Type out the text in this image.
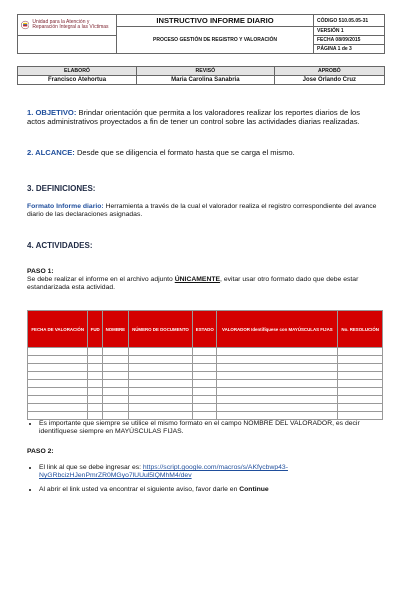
Unidad para la Atención y Reparación Integral a las Víctimas	INSTRUCTIVO INFORME DIARIO	CÓDIGO 510.05.05-31
	PROCESO GESTIÓN DE REGISTRO Y VALORACIÓN	VERSIÓN 1
		FECHA 08/09/2015
		PÁGINA 1 de 3
ELABORÓ	REVISÓ	APROBÓ
Francisco Atehortua	Maria Carolina Sanabria	Jose Orlando Cruz
1. OBJETIVO: Brindar orientación que permita a los valoradores realizar los reportes diarios de los actos administrativos proyectados a fin de tener un control sobre las actividades diarias realizadas.
2. ALCANCE: Desde que se diligencia el formato hasta que se carga el mismo.
3. DEFINICIONES:
Formato Informe diario: Herramienta a través de la cual el valorador realiza el registro correspondiente del avance diario de las declaraciones asignadas.
4. ACTIVIDADES:
PASO 1:
Se debe realizar el informe en el archivo adjunto ÚNICAMENTE, evitar usar otro formato dado que debe estar estandarizada esta actividad.
FECHA DE VALORACIÓN	FUD	NOMBRE	NÚMERO DE DOCUMENTO	ESTADO	VALORADOR Identifíquese con MAYÚSCULAS FIJAS	No. RESOLUCIÓN

• Es importante que siempre se utilice el mismo formato en el campo NOMBRE DEL VALORADOR, es decir identifíquese siempre en MAYÚSCULAS FIJAS.
PASO 2:
• El link al que se debe ingresar es: https://script.google.com/macros/s/AKfycbwp43-NyGRbcizHJenPmrZR0MGyo7lUUul5lQMhM4/dev
• Al abrir el link usted va encontrar el siguiente aviso, favor darle en Continue
